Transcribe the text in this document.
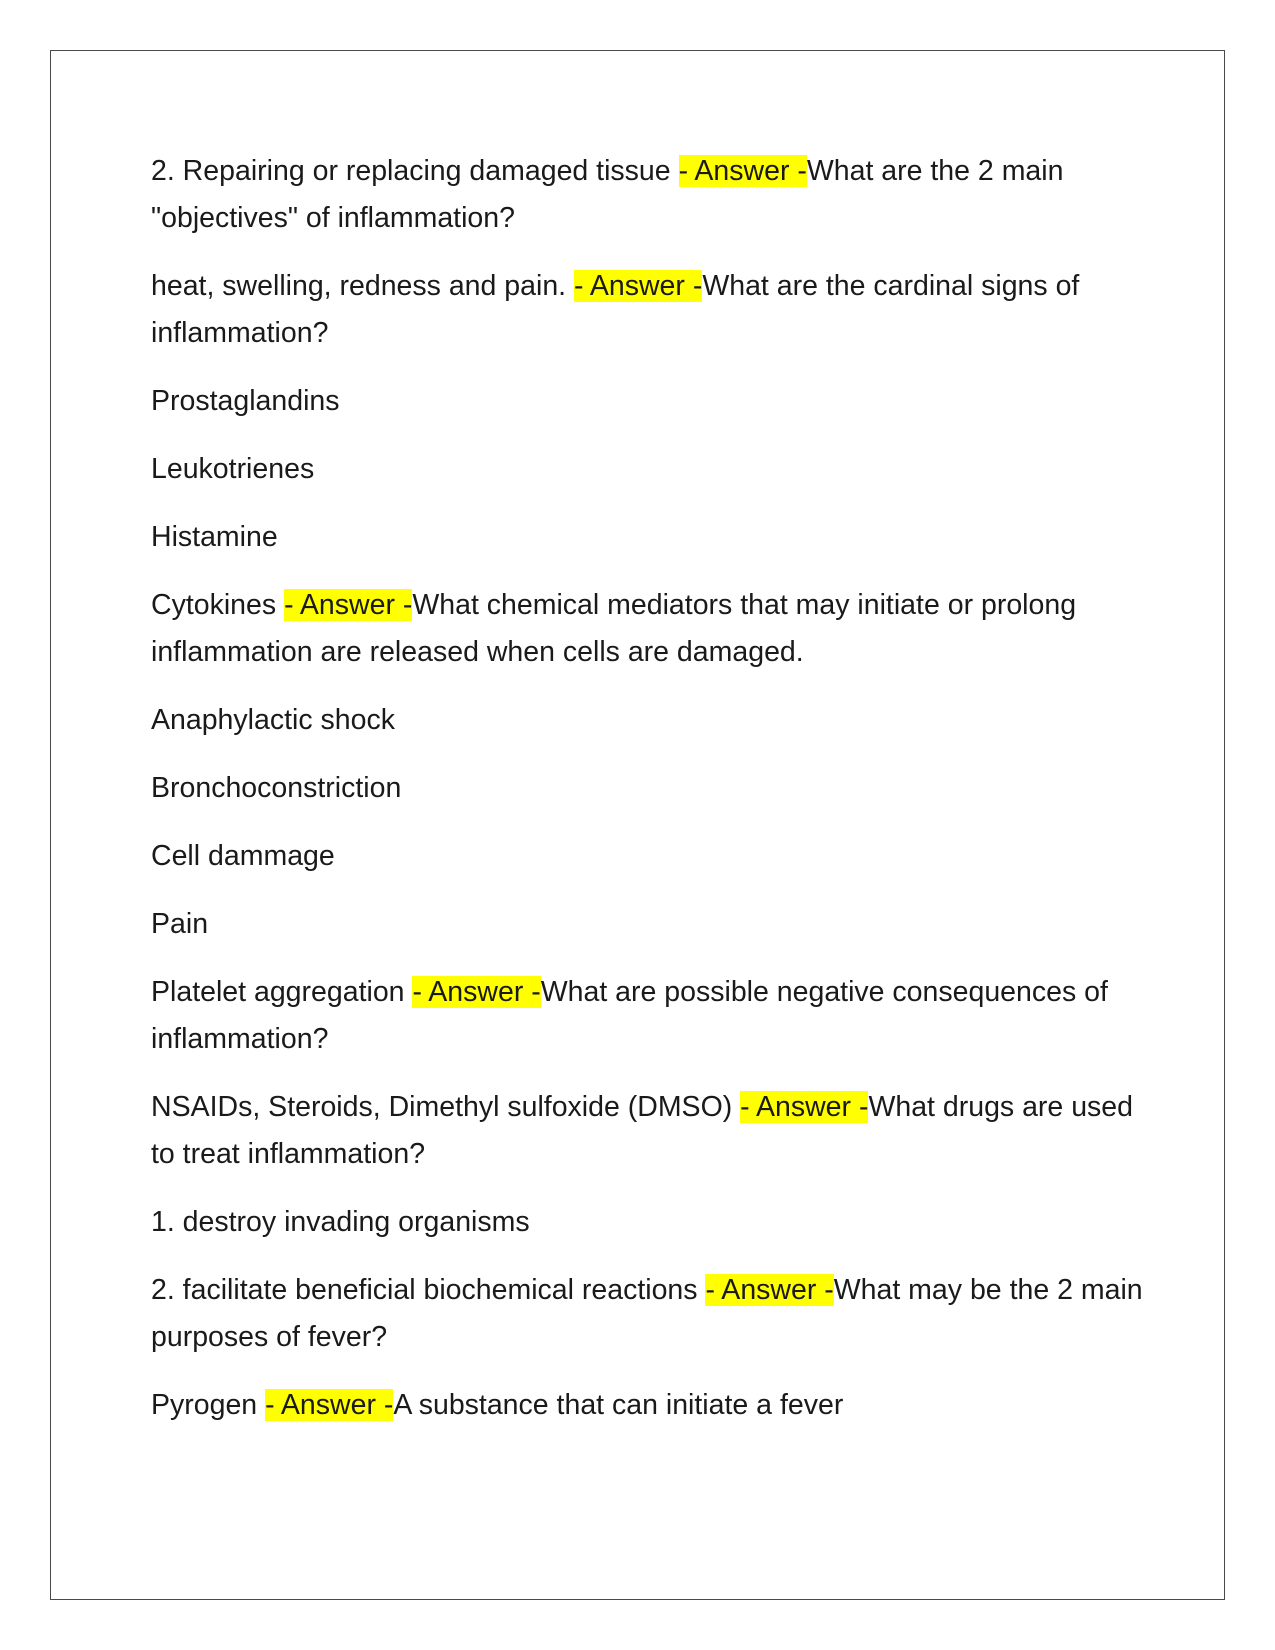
2. Repairing or replacing damaged tissue - Answer -What are the 2 main "objectives" of inflammation?

heat, swelling, redness and pain. - Answer -What are the cardinal signs of inflammation?

Prostaglandins

Leukotrienes

Histamine

Cytokines - Answer -What chemical mediators that may initiate or prolong inflammation are released when cells are damaged.

Anaphylactic shock

Bronchoconstriction

Cell dammage

Pain

Platelet aggregation - Answer -What are possible negative consequences of inflammation?

NSAIDs, Steroids, Dimethyl sulfoxide (DMSO) - Answer -What drugs are used to treat inflammation?

1. destroy invading organisms

2. facilitate beneficial biochemical reactions - Answer -What may be the 2 main purposes of fever?

Pyrogen - Answer -A substance that can initiate a fever
